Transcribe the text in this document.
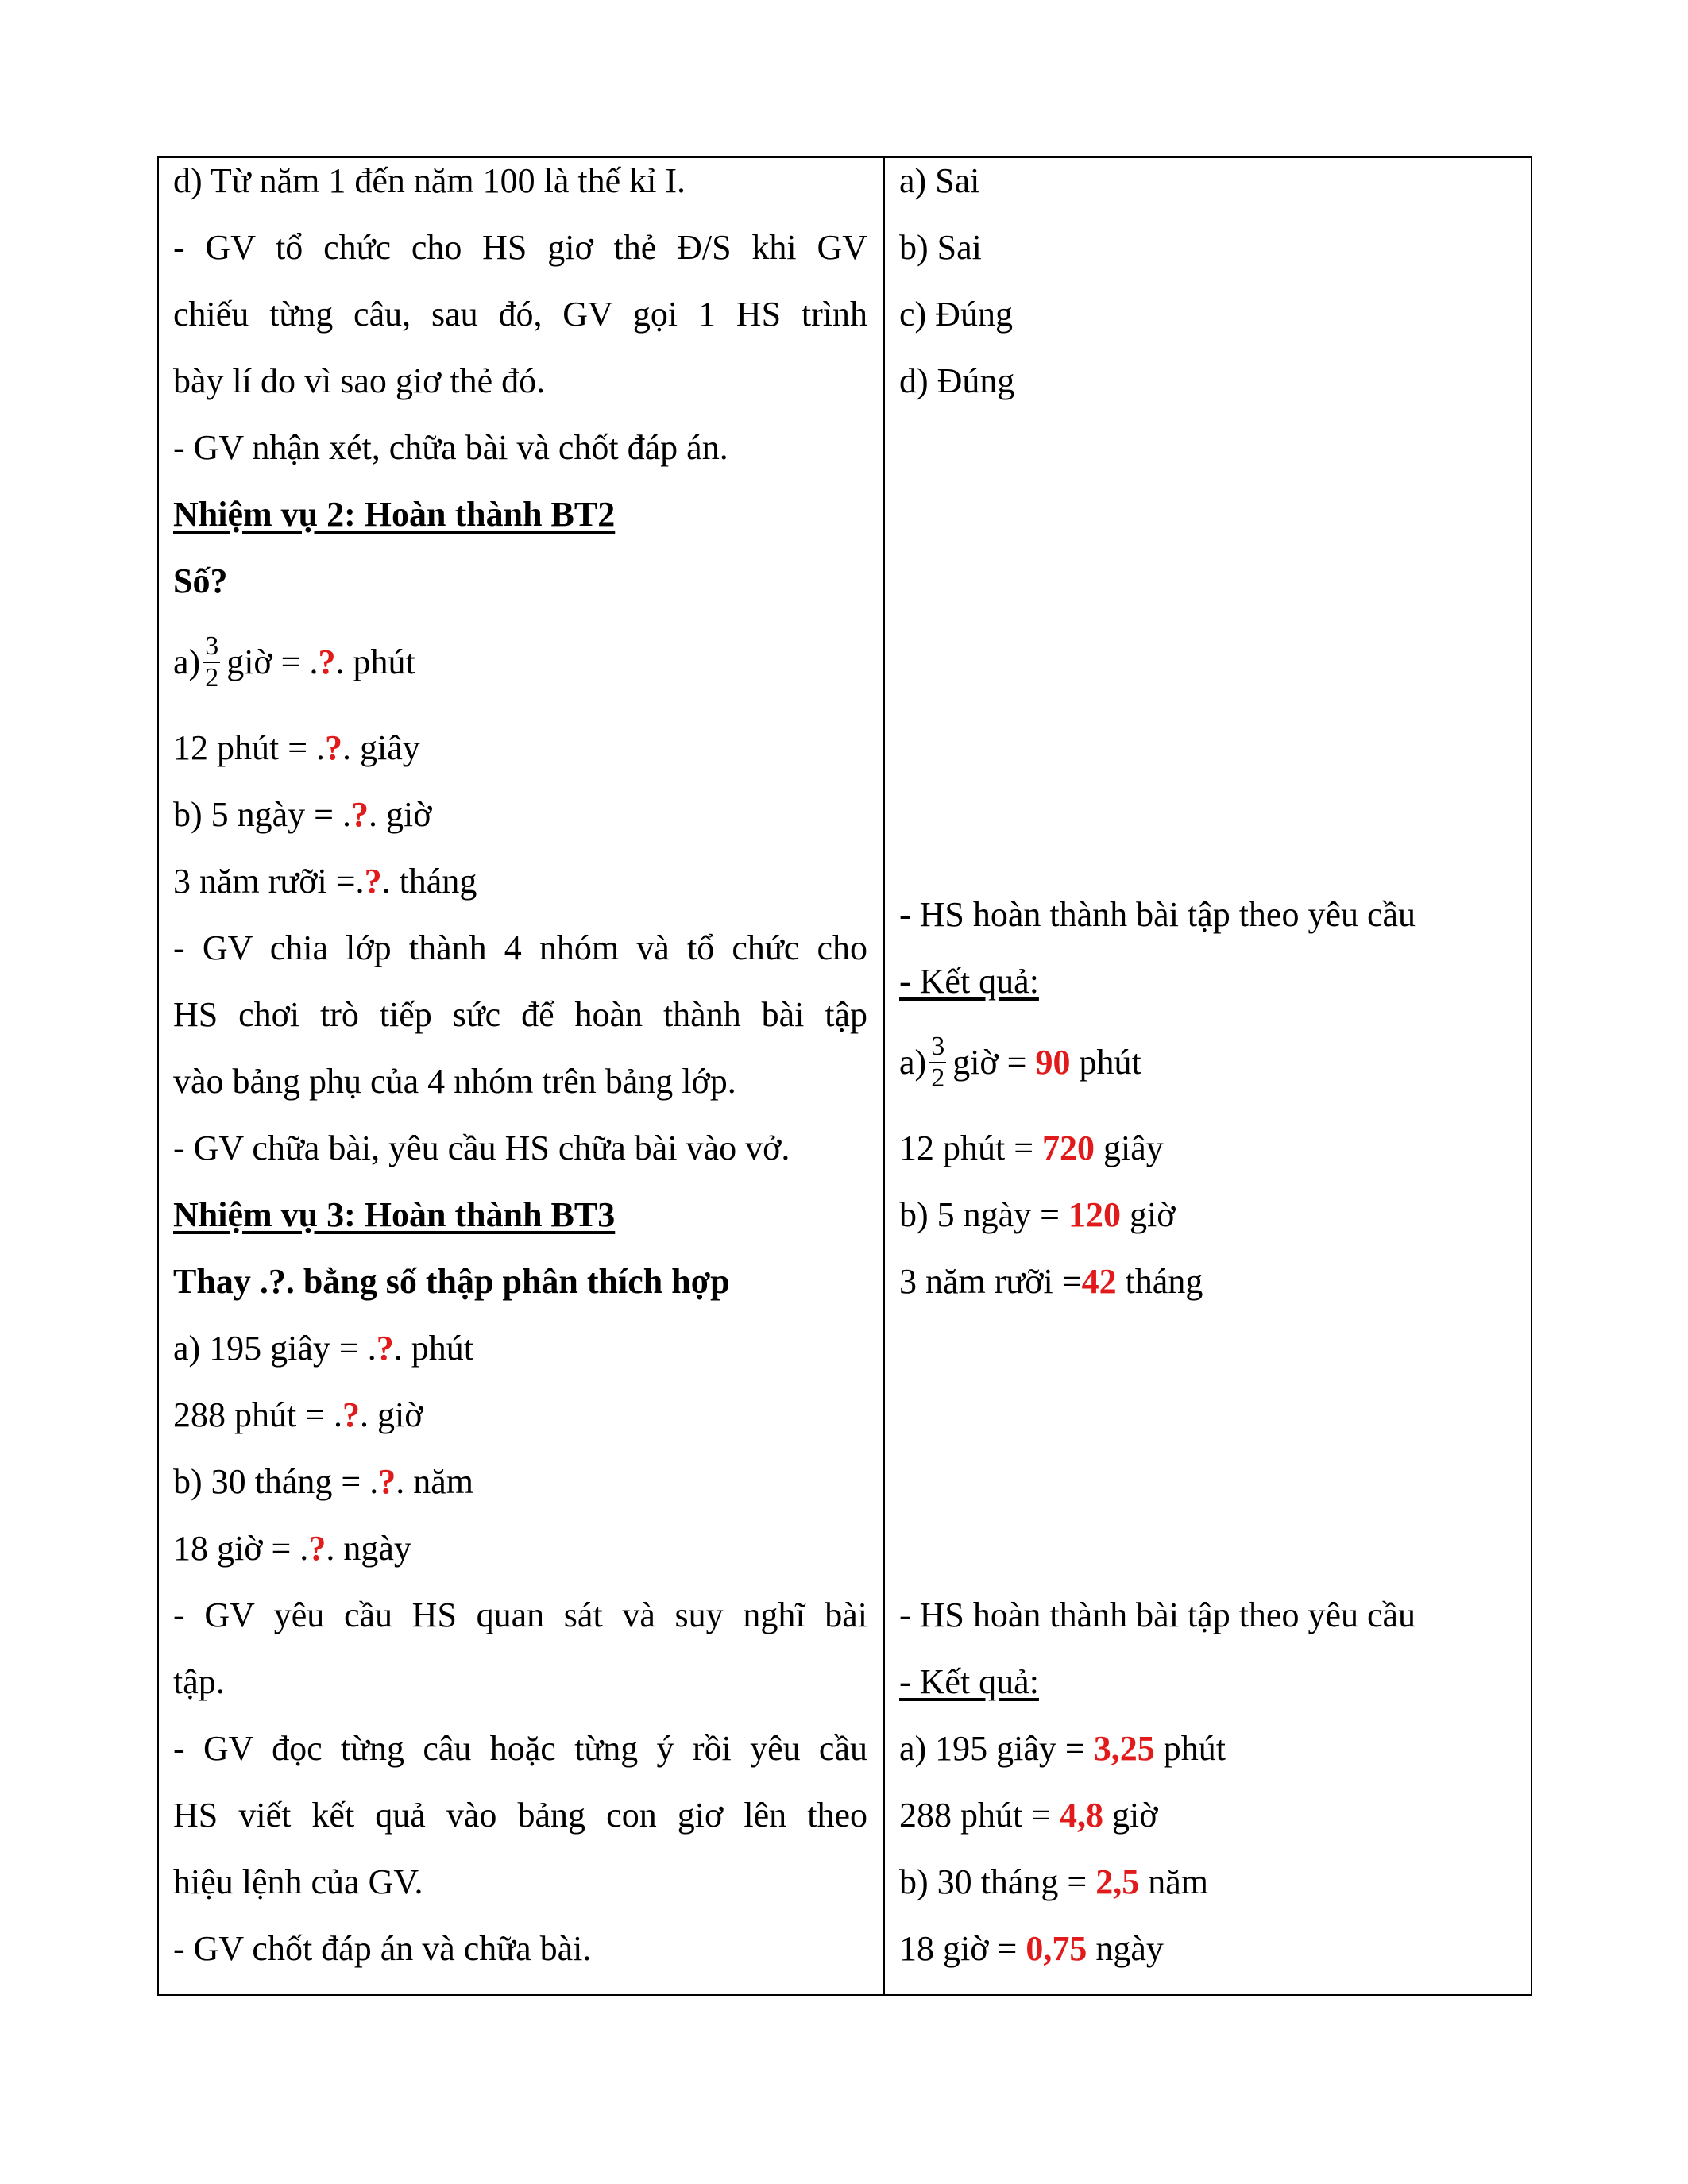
d) Từ năm 1 đến năm 100 là thế kỉ I.
- GV tổ chức cho HS giơ thẻ Đ/S khi GV
chiếu từng câu, sau đó, GV gọi 1 HS trình
bày lí do vì sao giơ thẻ đó.
- GV nhận xét, chữa bài và chốt đáp án.
Nhiệm vụ 2: Hoàn thành BT2
Số?
$a) \frac{3}{2}$ giờ = .?. phút
12 phút = .?. giây
b) 5 ngày = .?. giờ
3 năm rưỡi =.?. tháng
- GV chia lớp thành 4 nhóm và tổ chức cho
HS chơi trò tiếp sức để hoàn thành bài tập
vào bảng phụ của 4 nhóm trên bảng lớp.
- GV chữa bài, yêu cầu HS chữa bài vào vở.
Nhiệm vụ 3: Hoàn thành BT3
Thay .?. bằng số thập phân thích hợp
a) 195 giây = .?. phút
288 phút = .?. giờ
b) 30 tháng = .?. năm
18 giờ = .?. ngày
- GV yêu cầu HS quan sát và suy nghĩ bài
tập.
- GV đọc từng câu hoặc từng ý rồi yêu cầu
HS viết kết quả vào bảng con giơ lên theo
hiệu lệnh của GV.
- GV chốt đáp án và chữa bài.
a) Sai
b) Sai
c) Đúng
d) Đúng
- HS hoàn thành bài tập theo yêu cầu
- Kết quả:
$a) \frac{3}{2}$ giờ = 90 phút
12 phút = 720 giây
b) 5 ngày = 120 giờ
3 năm rưỡi =42 tháng
- HS hoàn thành bài tập theo yêu cầu
- Kết quả:
a) 195 giây = 3,25 phút
288 phút = 4,8 giờ
b) 30 tháng = 2,5 năm
18 giờ = 0,75 ngày
